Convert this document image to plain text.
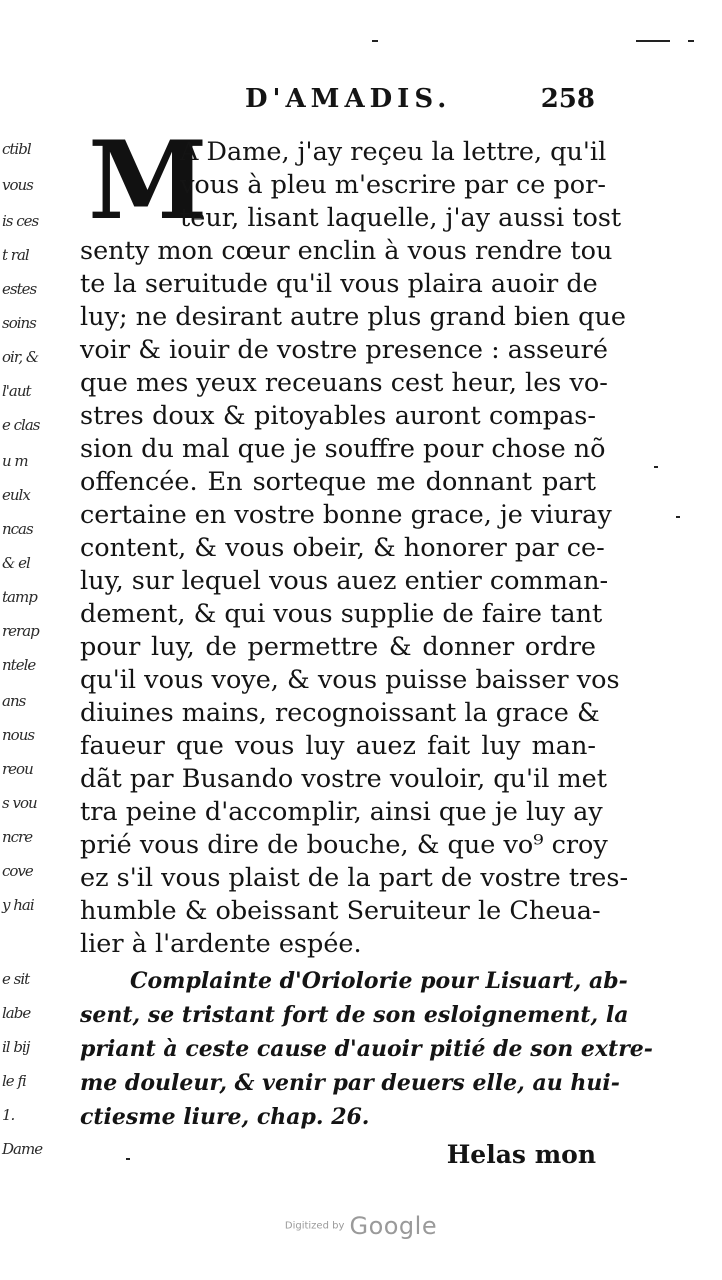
ctibl
vous
is ces
t ral
estes
soins
oir, &
l'aut
e clas
u m
eulx
ncas
& el
tamp
rerap
ntele
ans
nous
reou
s vou
ncre
cove
y hai
e sit
labe
il bij
le fi
1.
Dame
D'AMADIS.	258
M
A Dame, j'ay reçeu la lettre, qu'il
vous à pleu m'escrire par ce por-
teur, lisant laquelle, j'ay aussi tost
senty mon cœur enclin à vous rendre tou
te la seruitude qu'il vous plaira auoir de
luy; ne desirant autre plus grand bien que
voir & iouir de vostre presence : asseuré
que mes yeux receuans cest heur, les vo-
stres doux & pitoyables auront compas-
sion du mal que je souffre pour chose nõ
offencée. En sorteque me donnant part
certaine en vostre bonne grace, je viuray
content, & vous obeir, & honorer par ce-
luy, sur lequel vous auez entier comman-
dement, & qui vous supplie de faire tant
pour luy, de permettre & donner ordre
qu'il vous voye, & vous puisse baisser vos
diuines mains, recognoissant la grace &
faueur que vous luy auez fait luy man-
dãt par Busando vostre vouloir, qu'il met
tra peine d'accomplir, ainsi que je luy ay
prié vous dire de bouche, & que vo⁹ croy
ez s'il vous plaist de la part de vostre tres-
humble & obeissant Seruiteur le Cheua-
lier à l'ardente espée.
Complainte d'Oriolorie pour Lisuart, ab-
sent, se tristant fort de son esloignement, la
priant à ceste cause d'auoir pitié de son extre-
me douleur, & venir par deuers elle, au hui-
ctiesme liure, chap. 26.
Helas mon
Digitized by Google
